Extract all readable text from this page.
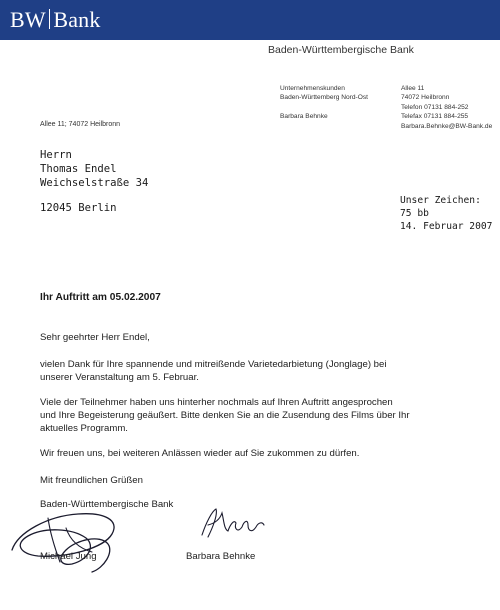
BW Bank
Baden-Württembergische Bank
Unternehmenskunden
Baden-Württemberg Nord-Ost
Barbara Behnke
Allee 11
74072 Heilbronn
Telefon 07131 884-252
Telefax 07131 884-255
Barbara.Behnke@BW-Bank.de
Allee 11; 74072 Heilbronn
Herrn
Thomas Endel
Weichselstraße 34
12045 Berlin
Unser Zeichen:
75 bb
14. Februar 2007
Ihr Auftritt am 05.02.2007
Sehr geehrter Herr Endel,
vielen Dank für Ihre spannende und mitreißende Varietedarbietung (Jonglage) bei
unserer Veranstaltung am 5. Februar.
Viele der Teilnehmer haben uns hinterher nochmals auf Ihren Auftritt angesprochen
und Ihre Begeisterung geäußert. Bitte denken Sie an die Zusendung des Films über Ihr
aktuelles Programm.
Wir freuen uns, bei weiteren Anlässen wieder auf Sie zukommen zu dürfen.
Mit freundlichen Grüßen
Baden-Württembergische Bank
Michael Jung	Barbara Behnke
